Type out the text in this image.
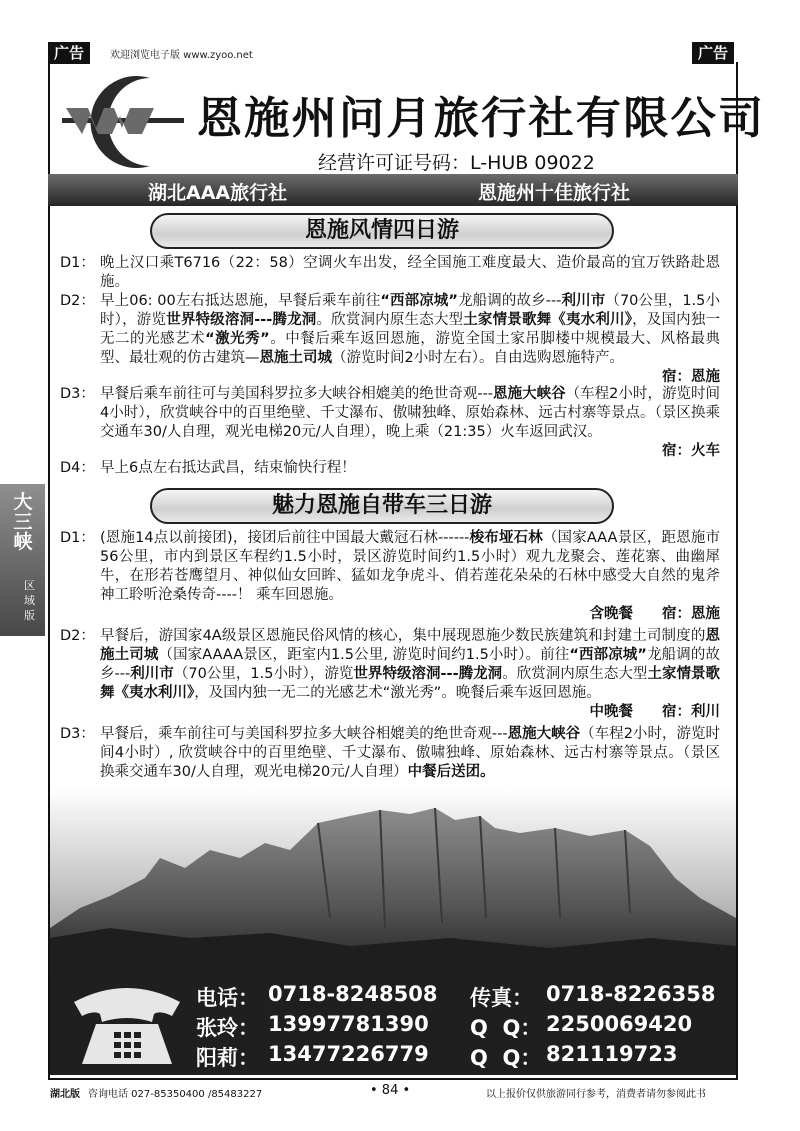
广告	欢迎浏览电子版 www.zyoo.net	广告
恩施州问月旅行社有限公司
经营许可证号码：L-HUB 09022
湖北AAA旅行社	恩施州十佳旅行社
恩施风情四日游
D1： 晚上汉口乘T6716（22：58）空调火车出发，经全国施工难度最大、造价最高的宜万铁路赴恩施。
D2： 早上06: 00左右抵达恩施，早餐后乘车前往“西部凉城”龙船调的故乡---利川市（70公里，1.5小时），游览世界特级溶洞---腾龙洞。欣赏洞内原生态大型土家情景歌舞《夷水利川》，及国内独一无二的光感艺术“激光秀”。中餐后乘车返回恩施，游览全国土家吊脚楼中规模最大、风格最典型、最壮观的仿古建筑—恩施土司城（游览时间2小时左右）。自由选购恩施特产。
宿：恩施
D3： 早餐后乘车前往可与美国科罗拉多大峡谷相媲美的绝世奇观---恩施大峡谷（车程2小时，游览时间 4小时），欣赏峡谷中的百里绝壁、千丈瀑布、傲啸独峰、原始森林、远古村寨等景点。（景区换乘交通车30/人自理，观光电梯20元/人自理），晚上乘（21:35）火车返回武汉。
宿：火车
D4： 早上6点左右抵达武昌，结束愉快行程！
魅力恩施自带车三日游
D1： (恩施14点以前接团)，接团后前往中国最大戴冠石林------梭布垭石林（国家AAA景区，距恩施市56公里，市内到景区车程约1.5小时，景区游览时间约1.5小时）观九龙聚会、莲花寨、曲幽犀牛，在形若苍鹰望月、神似仙女回眸、猛如龙争虎斗、俏若莲花朵朵的石林中感受大自然的鬼斧神工聆听沧桑传奇----！ 乘车回恩施。
含晚餐　　宿：恩施
D2： 早餐后，游国家4A级景区恩施民俗风情的核心，集中展现恩施少数民族建筑和封建土司制度的恩施土司城（国家AAAA景区，距室内1.5公里, 游览时间约1.5小时）。前往“西部凉城”龙船调的故乡---利川市（70公里，1.5小时），游览世界特级溶洞---腾龙洞。欣赏洞内原生态大型土家情景歌舞《夷水利川》，及国内独一无二的光感艺术“激光秀”。晚餐后乘车返回恩施。
中晚餐　　宿：利川
D3： 早餐后，乘车前往可与美国科罗拉多大峡谷相媲美的绝世奇观---恩施大峡谷（车程2小时，游览时间4小时）, 欣赏峡谷中的百里绝壁、千丈瀑布、傲啸独峰、原始森林、远古村寨等景点。（景区换乘交通车30/人自理，观光电梯20元/人自理）中餐后送团。
大三峡
区域版
电话： 0718-8248508 传真： 0718-8226358
张玲： 13997781390 Q  Q： 2250069420
阳莉： 13477226779 Q  Q： 821119723
湖北版 咨询电话 027-85350400 /85483227	• 84 •	以上报价仅供旅游同行参考，消费者请勿参阅此书
